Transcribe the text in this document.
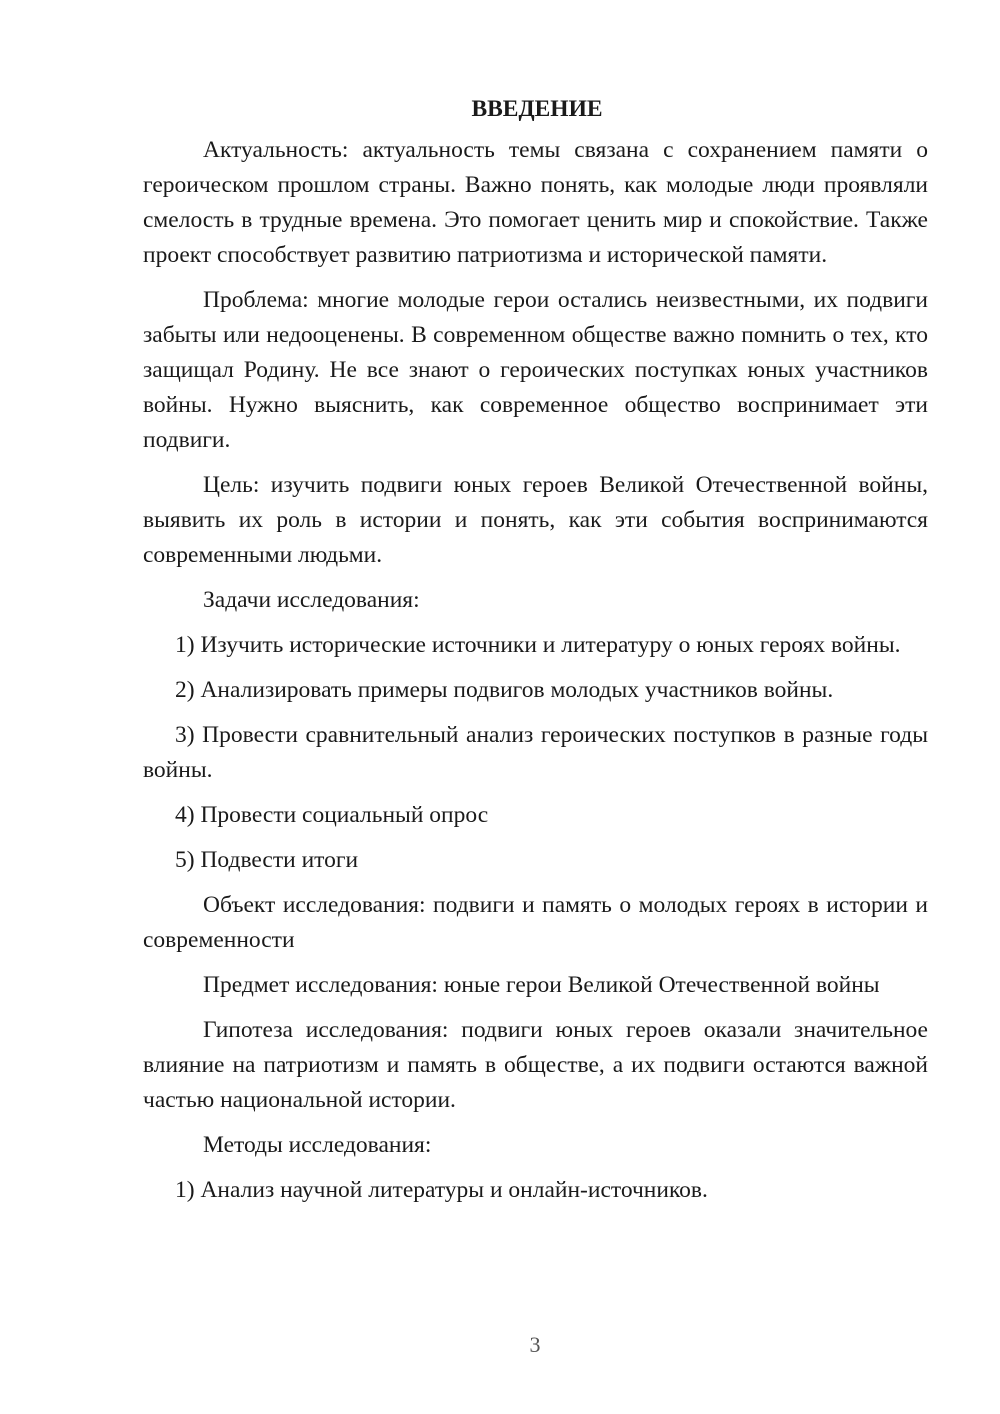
ВВЕДЕНИЕ

Актуальность: актуальность темы связана с сохранением памяти о героическом прошлом страны. Важно понять, как молодые люди проявляли смелость в трудные времена. Это помогает ценить мир и спокойствие. Также проект способствует развитию патриотизма и исторической памяти.

Проблема: многие молодые герои остались неизвестными, их подвиги забыты или недооценены. В современном обществе важно помнить о тех, кто защищал Родину. Не все знают о героических поступках юных участников войны. Нужно выяснить, как современное общество воспринимает эти подвиги.

Цель: изучить подвиги юных героев Великой Отечественной войны, выявить их роль в истории и понять, как эти события воспринимаются современными людьми.

Задачи исследования:

1) Изучить исторические источники и литературу о юных героях войны.

2) Анализировать примеры подвигов молодых участников войны.

3) Провести сравнительный анализ героических поступков в разные годы войны.

4) Провести социальный опрос

5) Подвести итоги

Объект исследования: подвиги и память о молодых героях в истории и современности

Предмет исследования: юные герои Великой Отечественной войны

Гипотеза исследования: подвиги юных героев оказали значительное влияние на патриотизм и память в обществе, а их подвиги остаются важной частью национальной истории.

Методы исследования:

1) Анализ научной литературы и онлайн-источников.

3
